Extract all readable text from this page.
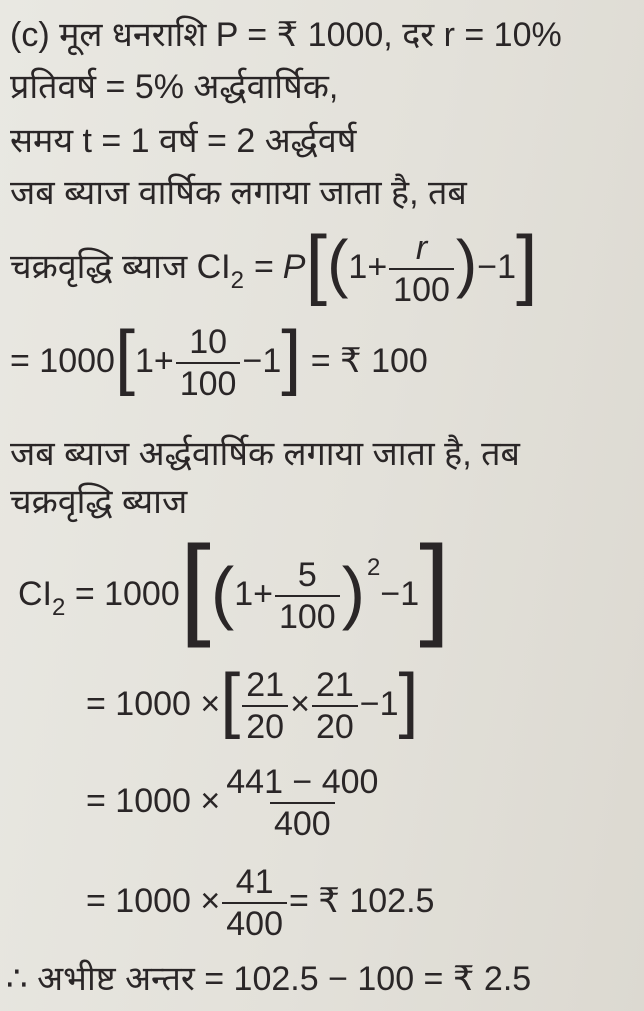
(c) मूल धनराशि P = ₹ 1000, दर r = 10%
प्रतिवर्ष = 5% अर्द्धवार्षिक,
समय t = 1 वर्ष = 2 अर्द्धवर्ष
जब ब्याज वार्षिक लगाया जाता है, तब
चक्रवृद्धि ब्याज $CI_2 = P[(1+ \frac{r}{100} )-1]$
= $1000[1+ \frac{10}{100} -1]$ = ₹ 100
जब ब्याज अर्द्धवार्षिक लगाया जाता है, तब
चक्रवृद्धि ब्याज
$CI_2 = 1000[(1+ \frac{5}{100} )^2-1]$
= 1000 ×[ $\frac{21}{20} \times \frac{21}{20} -1$]
= $1000 \times \frac{441 - 400}{400}$
= $1000 \times \frac{41}{400}$ = ₹ 102.5
∴ अभीष्ट अन्तर = 102.5 − 100 = ₹ 2.5
